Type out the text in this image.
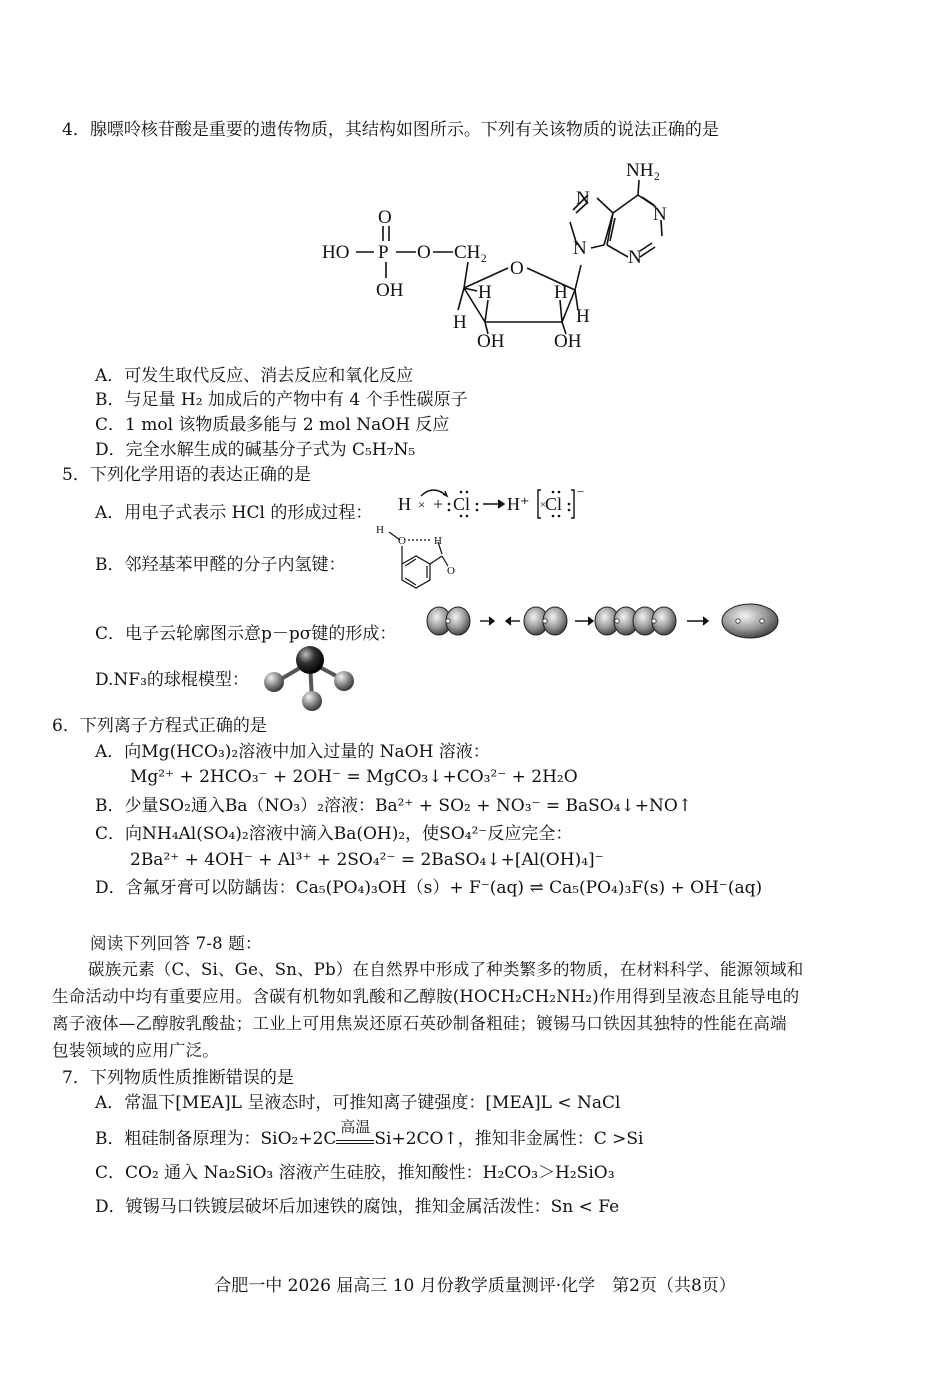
4．腺嘌呤核苷酸是重要的遗传物质，其结构如图所示。下列有关该物质的说法正确的是
NH₂
O
HO P O CH₂
OH
O
N
N
N
N
H
H
H
H
OH	OH
A．可发生取代反应、消去反应和氧化反应
B．与足量 H₂ 加成后的产物中有 4 个手性碳原子
C．1 mol 该物质最多能与 2 mol NaOH 反应
D．完全水解生成的碱基分子式为 C₅H₇N₅
5．下列化学用语的表达正确的是
A．用电子式表示 HCl 的形成过程： H × + Cl H⁺ Cl
−
×
B．邻羟基苯甲醛的分子内氢键：
H
O	H
O
C．电子云轮廓图示意p－pσ键的形成：
D.NF₃的球棍模型：
6．下列离子方程式正确的是
A．向Mg(HCO₃)₂溶液中加入过量的 NaOH 溶液：
Mg²⁺ + 2HCO₃⁻ + 2OH⁻ = MgCO₃↓+CO₃²⁻ + 2H₂O
B．少量SO₂通入Ba（NO₃）₂溶液：Ba²⁺ + SO₂ + NO₃⁻ = BaSO₄↓+NO↑
C．向NH₄Al(SO₄)₂溶液中滴入Ba(OH)₂，使SO₄²⁻反应完全：
2Ba²⁺ + 4OH⁻ + Al³⁺ + 2SO₄²⁻ = 2BaSO₄↓+[Al(OH)₄]⁻
D．含氟牙膏可以防龋齿：Ca₅(PO₄)₃OH（s）+ F⁻(aq) ⇌ Ca₅(PO₄)₃F(s) + OH⁻(aq)
阅读下列回答 7-8 题：
碳族元素（C、Si、Ge、Sn、Pb）在自然界中形成了种类繁多的物质，在材料科学、能源领域和
生命活动中均有重要应用。含碳有机物如乳酸和乙醇胺(HOCH₂CH₂NH₂)作用得到呈液态且能导电的
离子液体—乙醇胺乳酸盐；工业上可用焦炭还原石英砂制备粗硅；镀锡马口铁因其独特的性能在高端
包装领域的应用广泛。
7．下列物质性质推断错误的是
A．常温下[MEA]L 呈液态时，可推知离子键强度：[MEA]L < NaCl
B．粗硅制备原理为：SiO₂+2C
高温
Si+2CO↑，推知非金属性：C >Si
C．CO₂ 通入 Na₂SiO₃ 溶液产生硅胶，推知酸性：H₂CO₃＞H₂SiO₃
D．镀锡马口铁镀层破坏后加速铁的腐蚀，推知金属活泼性：Sn < Fe
合肥一中 2026 届高三 10 月份教学质量测评·化学　第2页（共8页）
